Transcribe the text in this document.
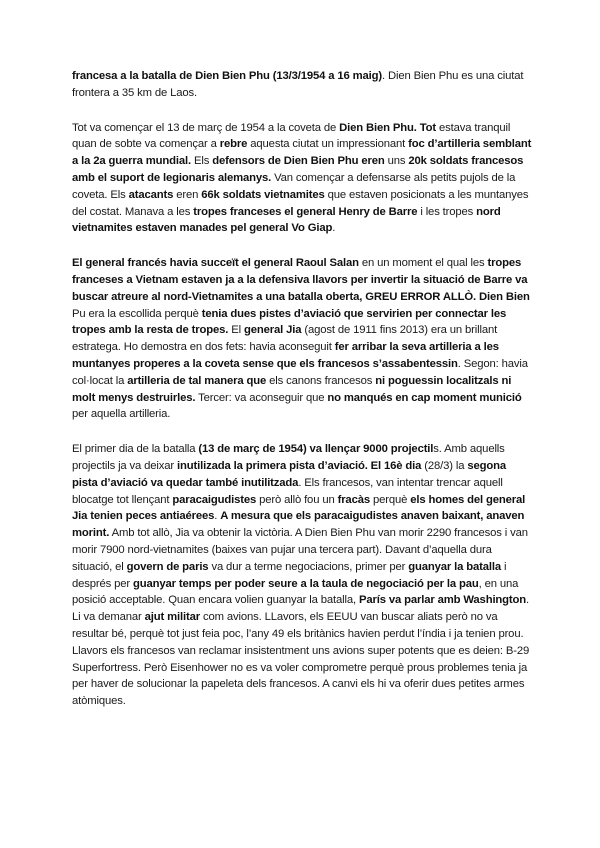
francesa a la batalla de Dien Bien Phu (13/3/1954 a 16 maig). Dien Bien Phu es una ciutat frontera a 35 km de Laos.

Tot va començar el 13 de març de 1954 a la coveta de Dien Bien Phu. Tot estava tranquil quan de sobte va començar a rebre aquesta ciutat un impressionant foc d’artilleria semblant a la 2a guerra mundial. Els defensors de Dien Bien Phu eren uns 20k soldats francesos amb el suport de legionaris alemanys. Van començar a defensarse als petits pujols de la coveta. Els atacants eren 66k soldats vietnamites que estaven posicionats a les muntanyes del costat. Manava a les tropes franceses el general Henry de Barre i les tropes nord vietnamites estaven manades pel general Vo Giap.

El general francés havia succeït el general Raoul Salan en un moment el qual les tropes franceses a Vietnam estaven ja a la defensiva llavors per invertir la situació de Barre va buscar atreure al nord-Vietnamites a una batalla oberta, GREU ERROR ALLÒ. Dien Bien Pu era la escollida perquè tenia dues pistes d’aviació que servirien per connectar les tropes amb la resta de tropes. El general Jia (agost de 1911 fins 2013) era un brillant estratega. Ho demostra en dos fets: havia aconseguit fer arribar la seva artilleria a les muntanyes properes a la coveta sense que els francesos s’assabentessin. Segon: havia col·locat la artilleria de tal manera que els canons francesos ni poguessin localitzals ni molt menys destruirles. Tercer: va aconseguir que no manqués en cap moment munició per aquella artilleria.

El primer dia de la batalla (13 de març de 1954) va llençar 9000 projectils. Amb aquells projectils ja va deixar inutilizada la primera pista d’aviació. El 16è dia (28/3) la segona pista d’aviació va quedar també inutilitzada. Els francesos, van intentar trencar aquell blocatge tot llençant paracaigudistes però allò fou un fracàs perquè els homes del general Jia tenien peces antiaérees. A mesura que els paracaigudistes anaven baixant, anaven morint. Amb tot allò, Jia va obtenir la victòria. A Dien Bien Phu van morir 2290 francesos i van morir 7900 nord-vietnamites (baixes van pujar una tercera part). Davant d’aquella dura situació, el govern de paris va dur a terme negociacions, primer per guanyar la batalla i després per guanyar temps per poder seure a la taula de negociació per la pau, en una posició acceptable. Quan encara volien guanyar la batalla, París va parlar amb Washington. Li va demanar ajut militar com avions. LLavors, els EEUU van buscar aliats però no va resultar bé, perquè tot just feia poc, l’any 49 els britànics havien perdut l’índia i ja tenien prou. Llavors els francesos van reclamar insistentment uns avions super potents que es deien: B-29 Superfortress. Però Eisenhower no es va voler comprometre perquè prous problemes tenia ja per haver de solucionar la papeleta dels francesos. A canvi els hi va oferir dues petites armes atòmiques.
